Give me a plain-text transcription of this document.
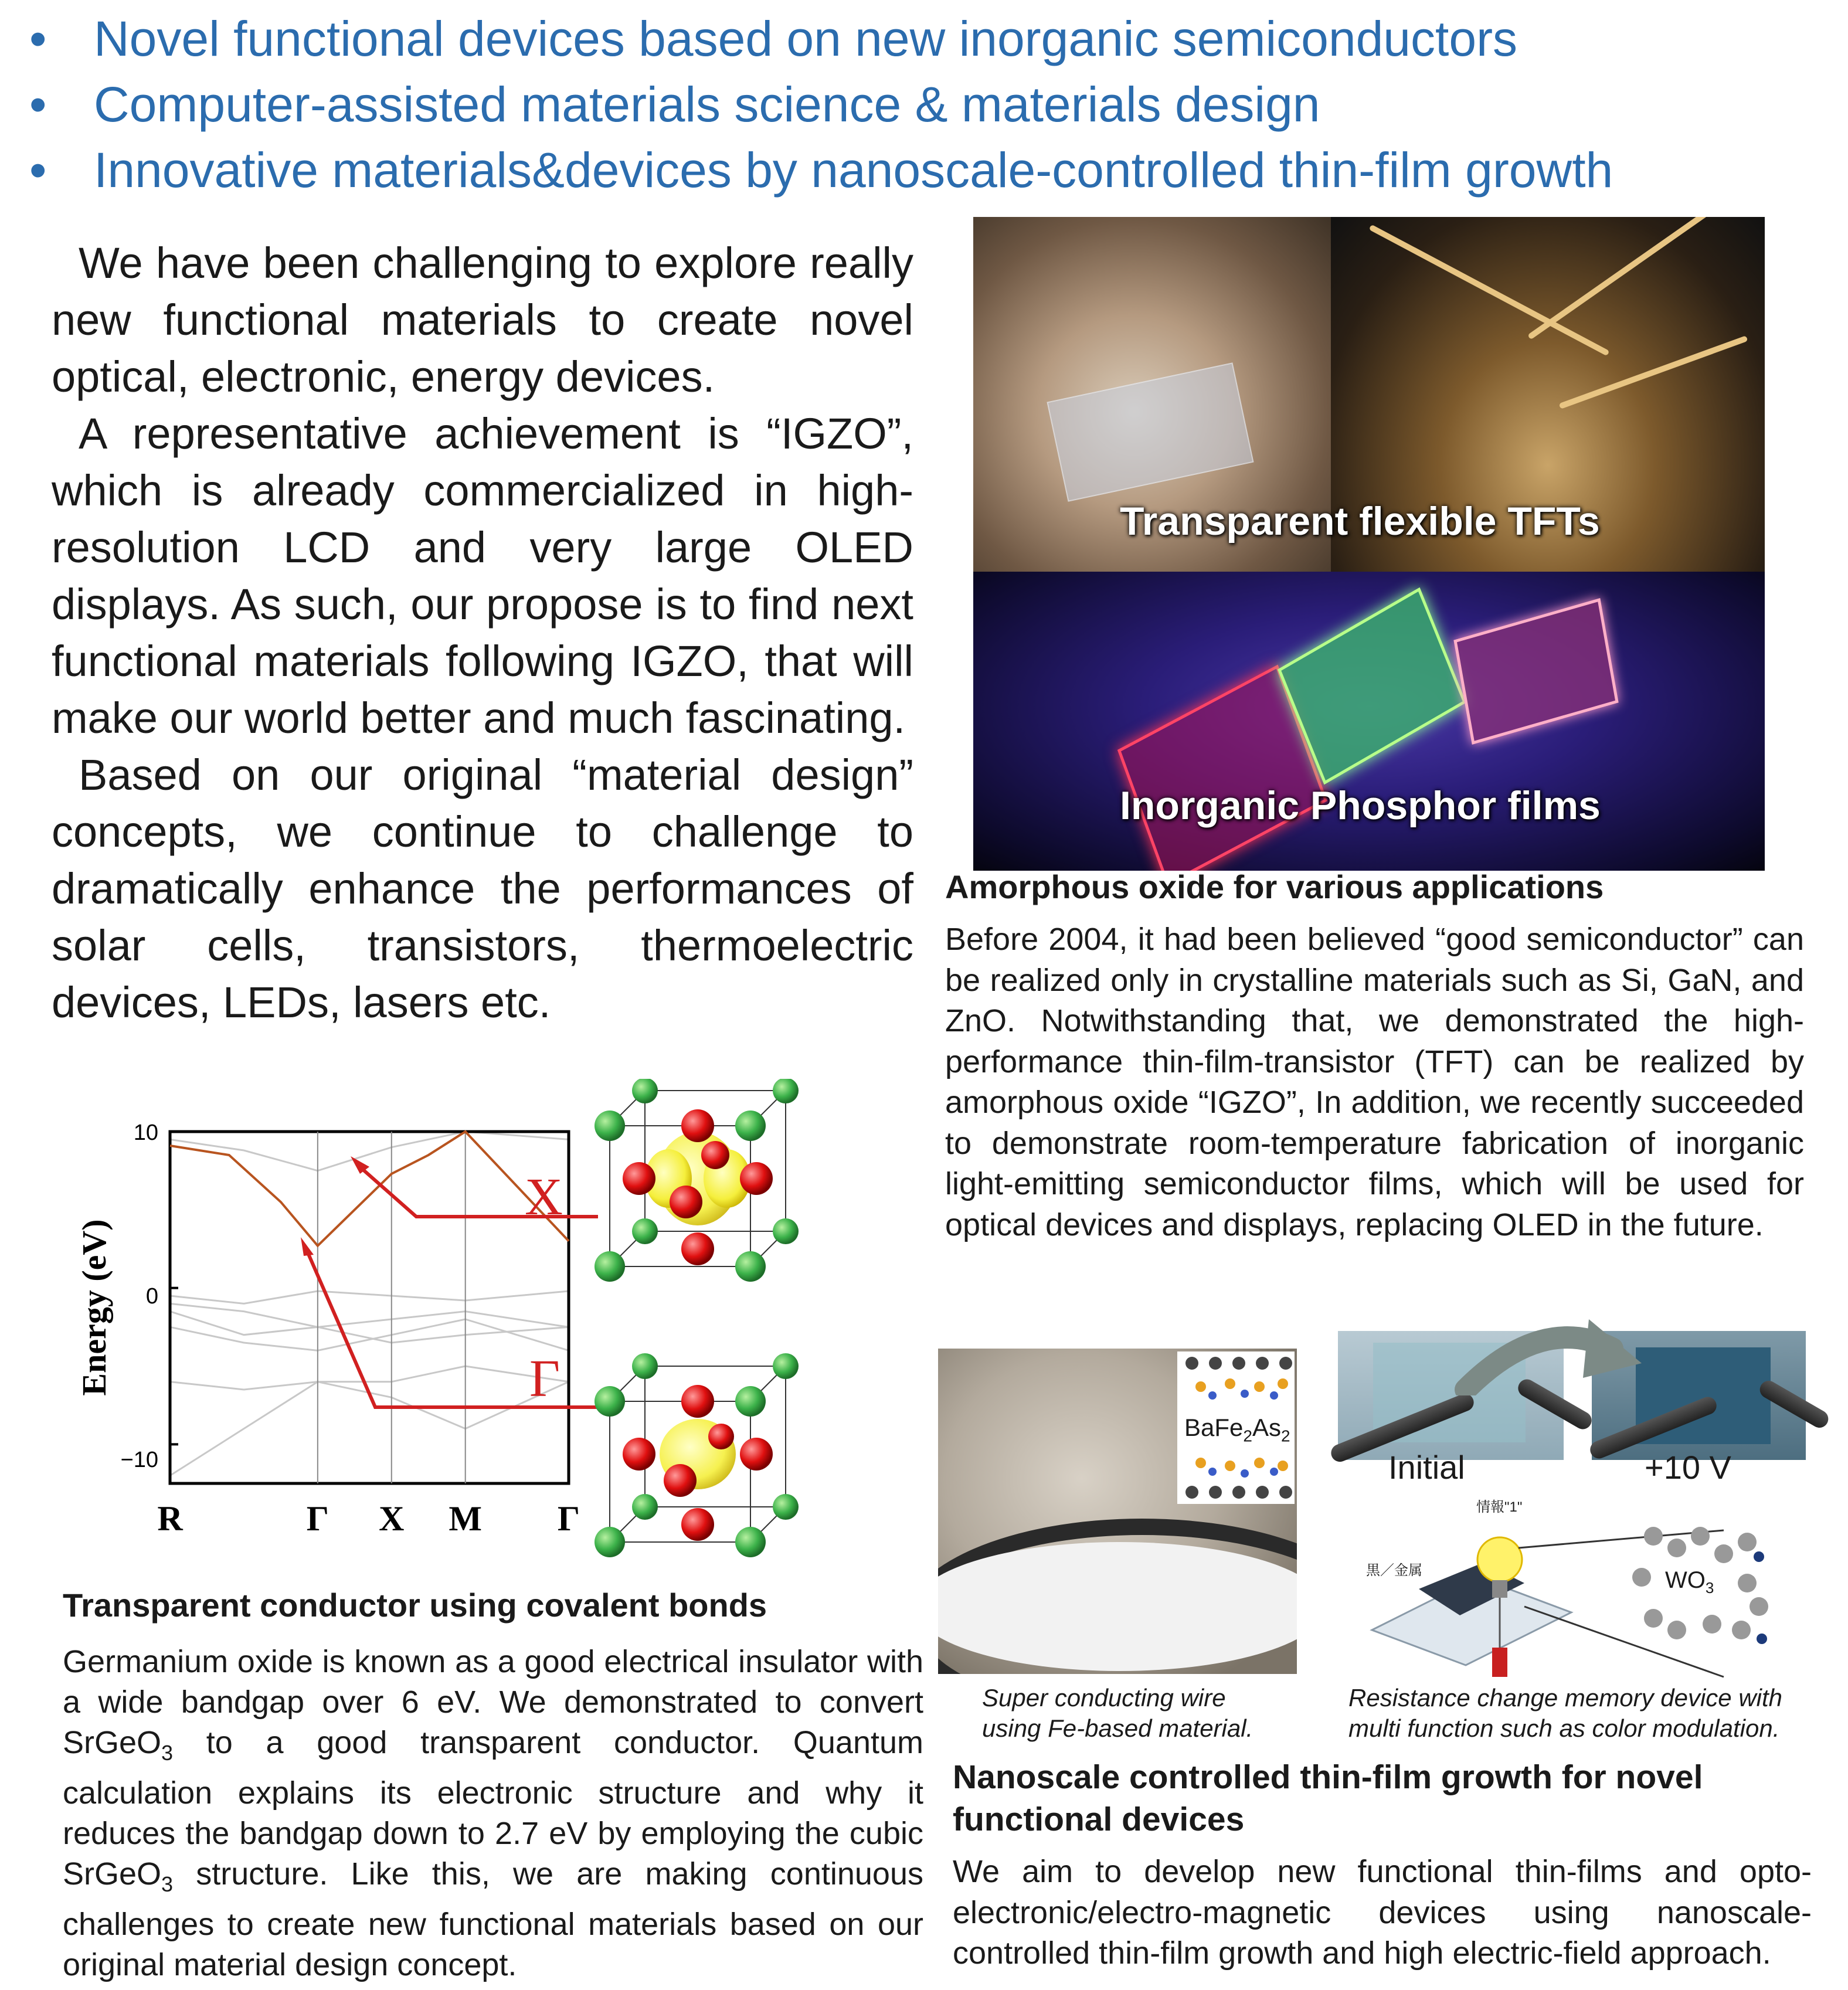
• Novel functional devices based on new inorganic semiconductors
• Computer-assisted materials science & materials design
• Innovative materials&devices by nanoscale-controlled thin-film growth

We have been challenging to explore really new functional materials to create novel optical, electronic, energy devices.

A representative achievement is “IGZO”, which is already commercialized in high-resolution LCD and very large OLED displays. As such, our propose is to find next functional materials following IGZO, that will make our world better and much fascinating.

Based on our original “material design” concepts, we continue to challenge to dramatically enhance the performances of solar cells, transistors, thermoelectric devices, LEDs, lasers etc.

Transparent flexible TFTs
Inorganic Phosphor films
Amorphous oxide for various applications
Before 2004, it had been believed “good semiconductor” can be realized only in crystalline materials such as Si, GaN, and ZnO. Notwithstanding that, we demonstrated the high-performance thin-film-transistor (TFT) can be realized by amorphous oxide “IGZO”, In addition, we recently succeeded to demonstrate room-temperature fabrication of inorganic light-emitting semiconductor films, which will be used for optical devices and displays, replacing OLED in the future.
10
0
−10
Energy (eV)
R	Γ X M Γ
X
Γ
Transparent conductor using covalent bonds
Germanium oxide is known as a good electrical insulator with a wide bandgap over 6 eV. We demonstrated to convert SrGeO$_3$ to a good transparent conductor. Quantum calculation explains its electronic structure and why it reduces the bandgap down to 2.7 eV by employing the cubic SrGeO$_3$ structure. Like this, we are making continuous challenges to create new functional materials based on our original material design concept.
$BaFe_2As_2$
Super conducting wire
using Fe-based material.
Initial	+10 V
情報"1"
黒／金属	$WO_3$
Resistance change memory device with
multi function such as color modulation.
Nanoscale controlled thin-film growth for novel functional devices
We aim to develop new functional thin-films and opto-electronic/electro-magnetic devices using nanoscale-controlled thin-film growth and high electric-field approach.
